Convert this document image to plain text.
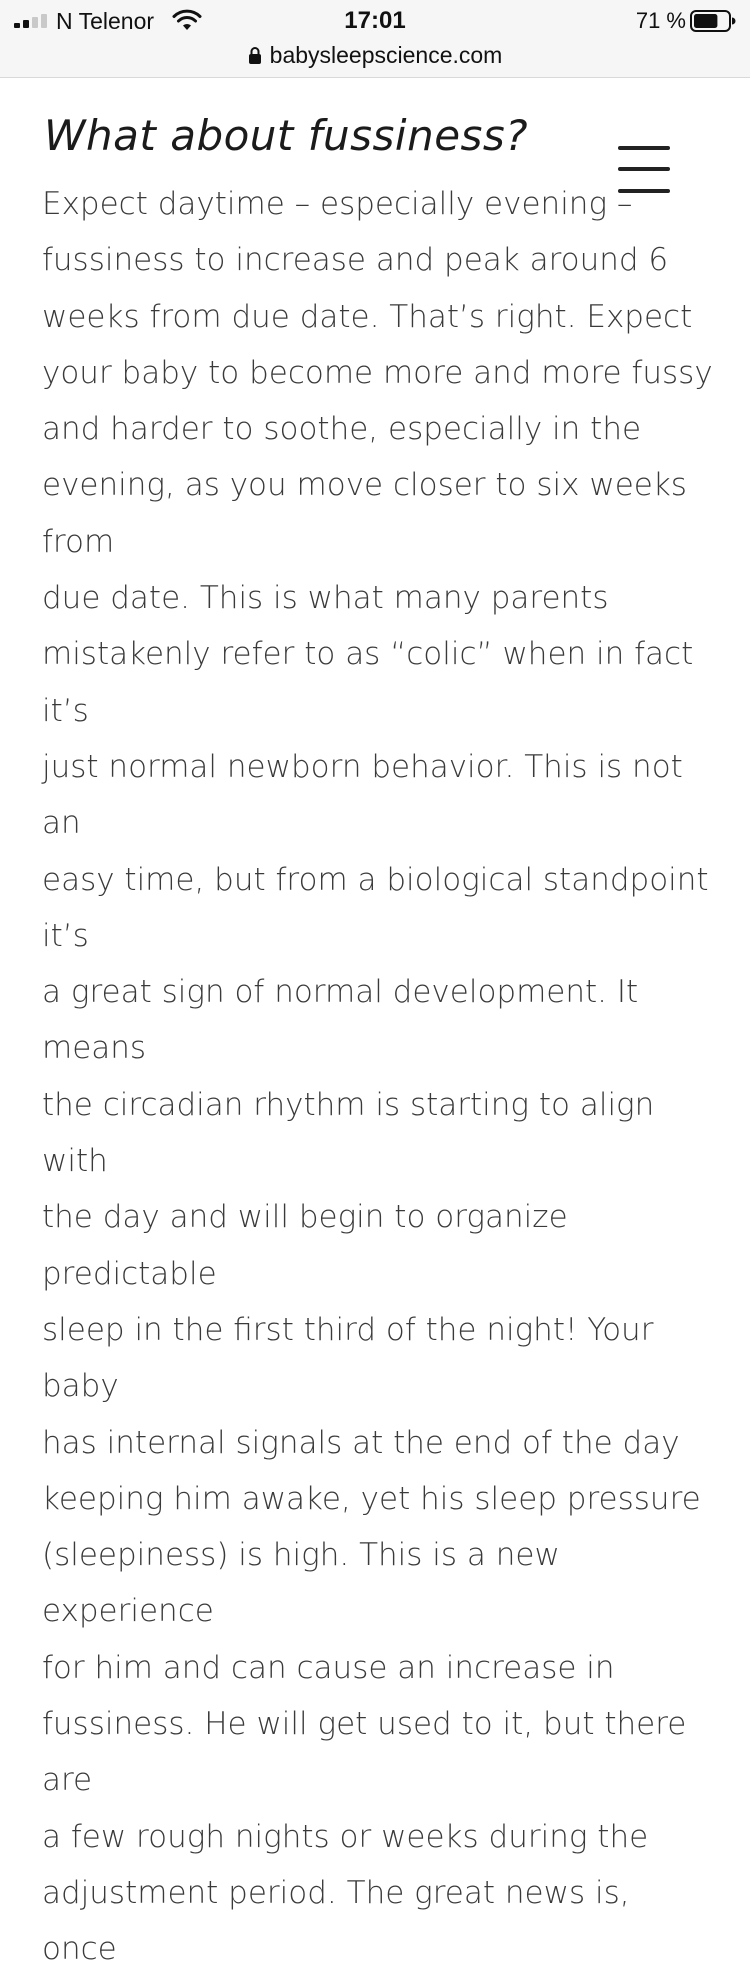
N Telenor	17:01	71 %
babysleepscience.com
What about fussiness?

Expect daytime – especially evening –
fussiness to increase and peak around 6
weeks from due date. That’s right. Expect
your baby to become more and more fussy
and harder to soothe, especially in the
evening, as you move closer to six weeks from
due date. This is what many parents
mistakenly refer to as “colic” when in fact it’s
just normal newborn behavior. This is not an
easy time, but from a biological standpoint it’s
a great sign of normal development. It means
the circadian rhythm is starting to align with
the day and will begin to organize predictable
sleep in the first third of the night! Your baby
has internal signals at the end of the day
keeping him awake, yet his sleep pressure
(sleepiness) is high. This is a new experience
for him and can cause an increase in
fussiness. He will get used to it, but there are
a few rough nights or weeks during the
adjustment period. The great news is, once
